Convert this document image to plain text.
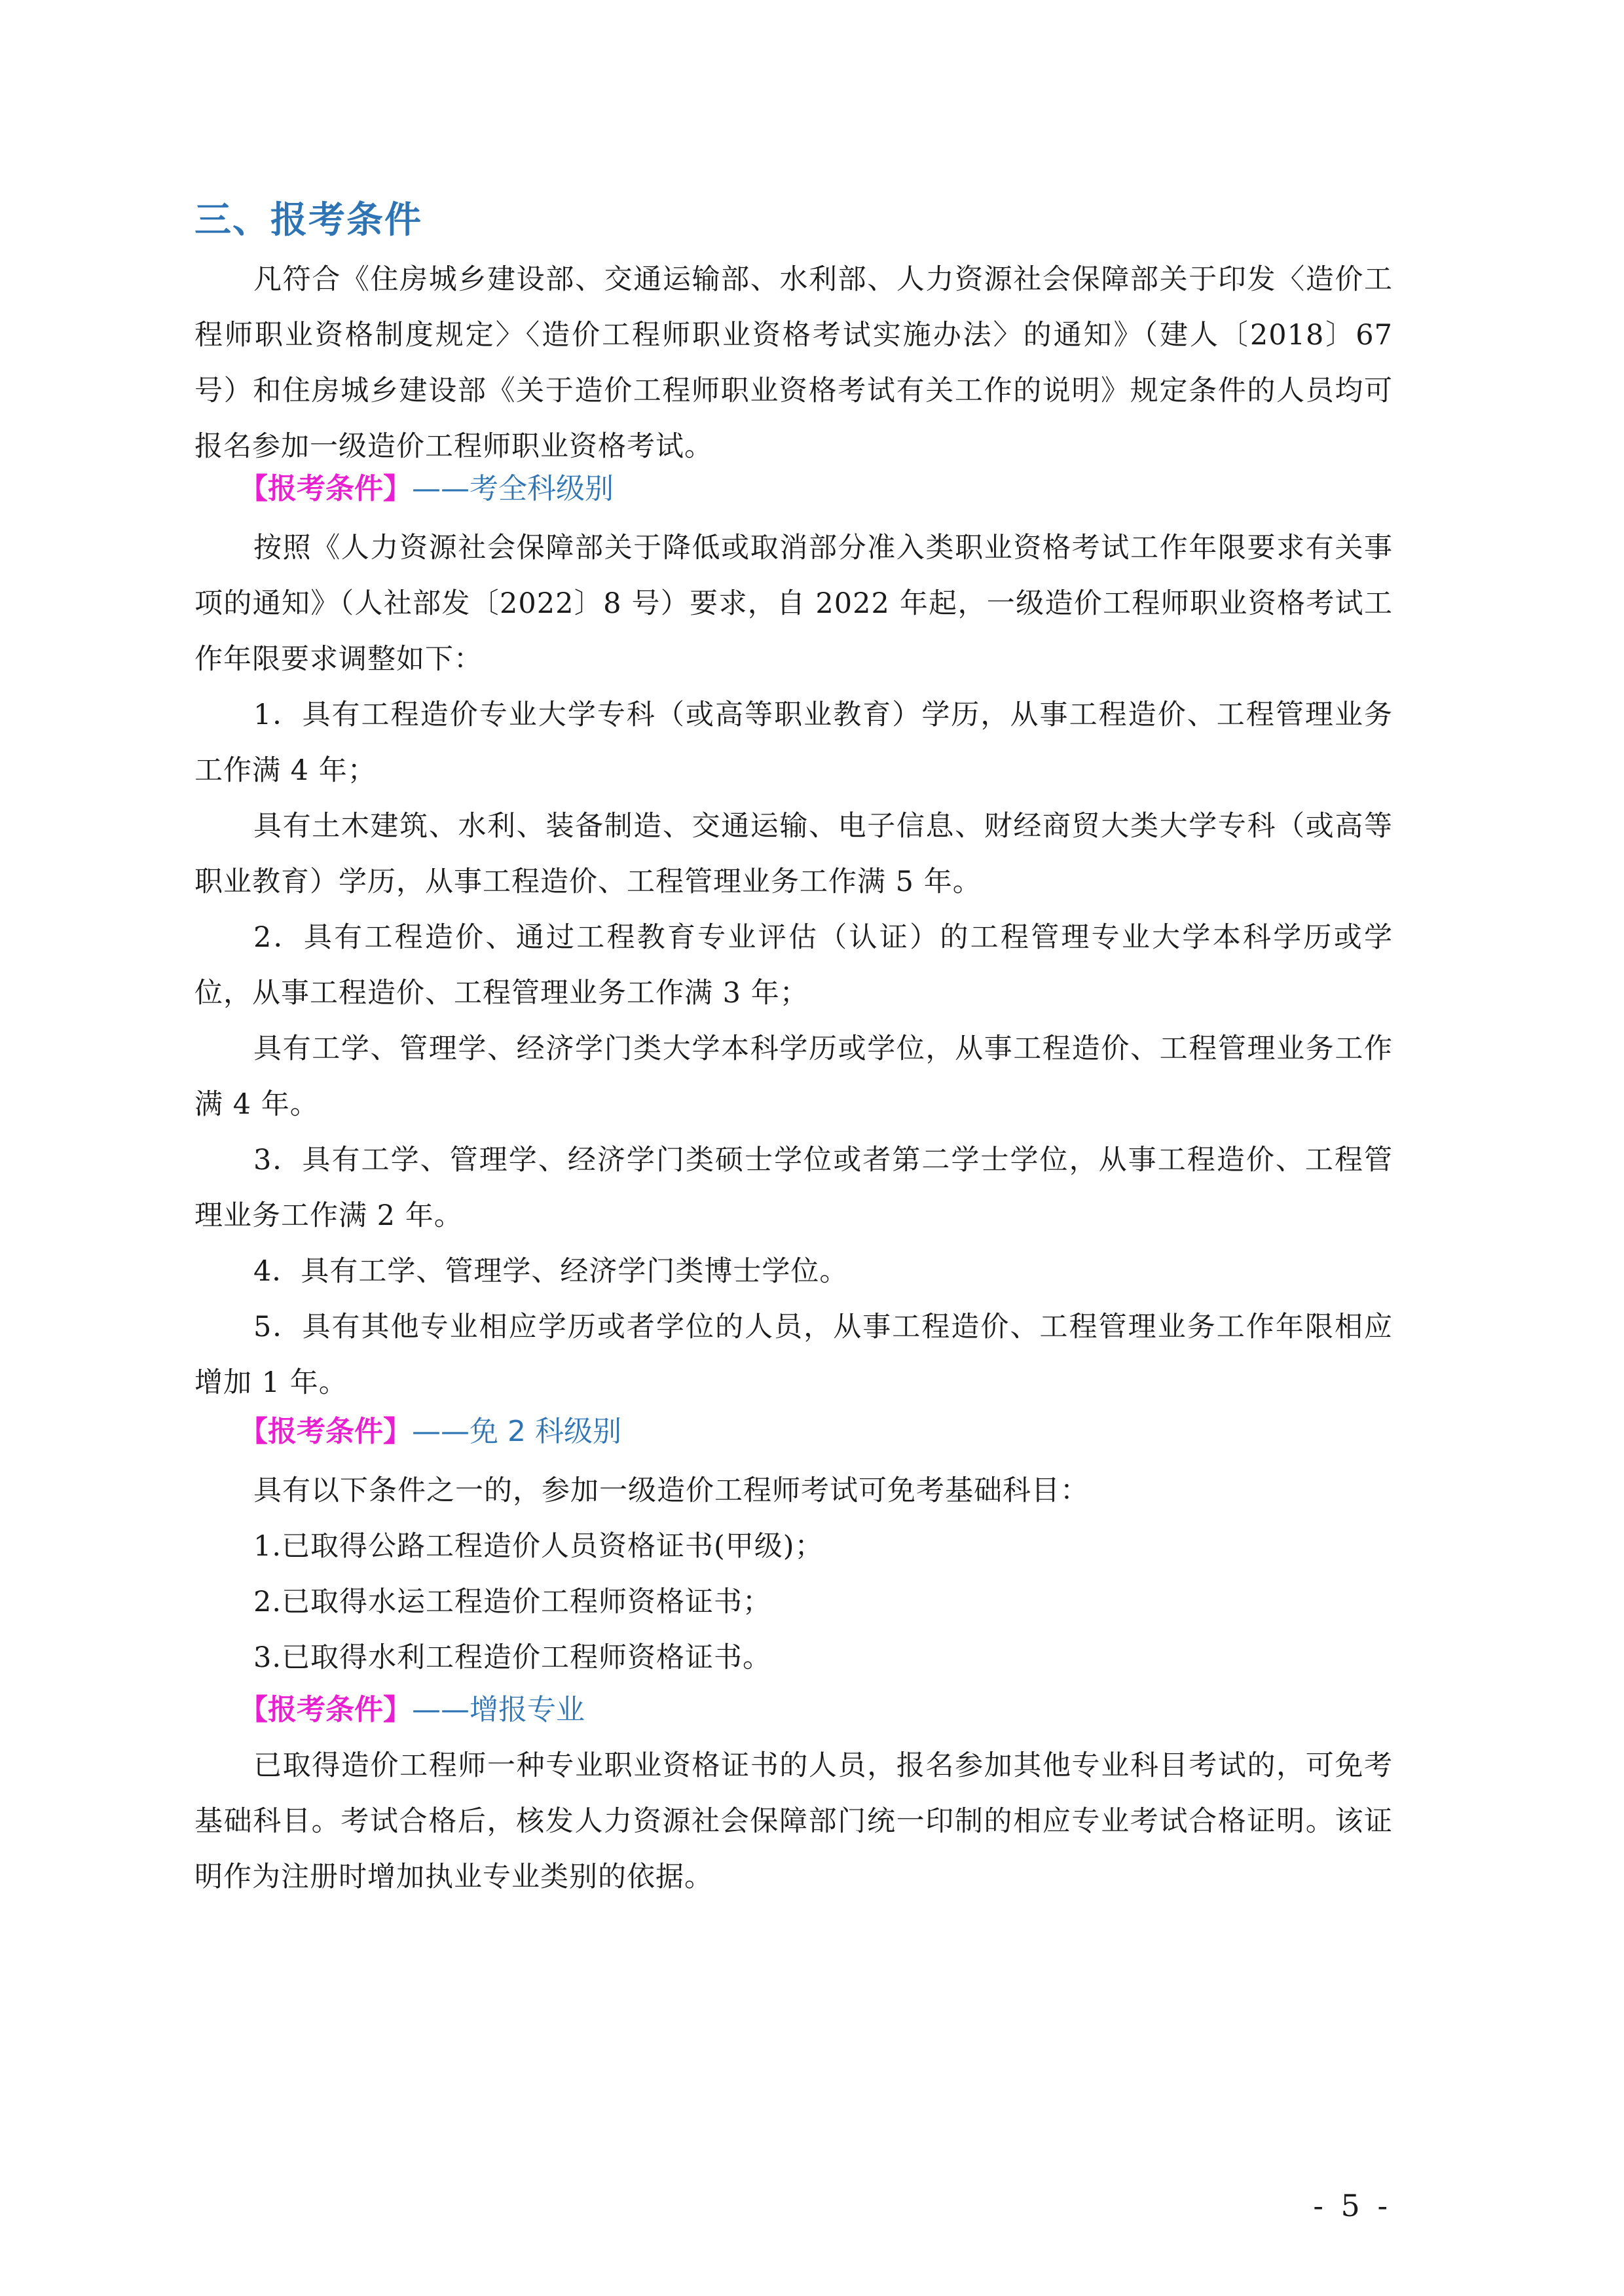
三、报考条件
凡符合《住房城乡建设部、交通运输部、水利部、人力资源社会保障部关于印发〈造价工程师职业资格制度规定〉〈造价工程师职业资格考试实施办法〉的通知》（建人〔2018〕67 号）和住房城乡建设部《关于造价工程师职业资格考试有关工作的说明》规定条件的人员均可报名参加一级造价工程师职业资格考试。
【报考条件】——考全科级别
按照《人力资源社会保障部关于降低或取消部分准入类职业资格考试工作年限要求有关事项的通知》（人社部发〔2022〕8 号）要求，自 2022 年起，一级造价工程师职业资格考试工作年限要求调整如下：
1．具有工程造价专业大学专科（或高等职业教育）学历，从事工程造价、工程管理业务工作满 4 年；
具有土木建筑、水利、装备制造、交通运输、电子信息、财经商贸大类大学专科（或高等职业教育）学历，从事工程造价、工程管理业务工作满 5 年。
2．具有工程造价、通过工程教育专业评估（认证）的工程管理专业大学本科学历或学位，从事工程造价、工程管理业务工作满 3 年；
具有工学、管理学、经济学门类大学本科学历或学位，从事工程造价、工程管理业务工作满 4 年。
3．具有工学、管理学、经济学门类硕士学位或者第二学士学位，从事工程造价、工程管理业务工作满 2 年。
4．具有工学、管理学、经济学门类博士学位。
5．具有其他专业相应学历或者学位的人员，从事工程造价、工程管理业务工作年限相应增加 1 年。
【报考条件】——免 2 科级别
具有以下条件之一的，参加一级造价工程师考试可免考基础科目：
1.已取得公路工程造价人员资格证书(甲级)；
2.已取得水运工程造价工程师资格证书；
3.已取得水利工程造价工程师资格证书。
【报考条件】——增报专业
已取得造价工程师一种专业职业资格证书的人员，报名参加其他专业科目考试的，可免考基础科目。考试合格后，核发人力资源社会保障部门统一印制的相应专业考试合格证明。该证明作为注册时增加执业专业类别的依据。
- 5 -
